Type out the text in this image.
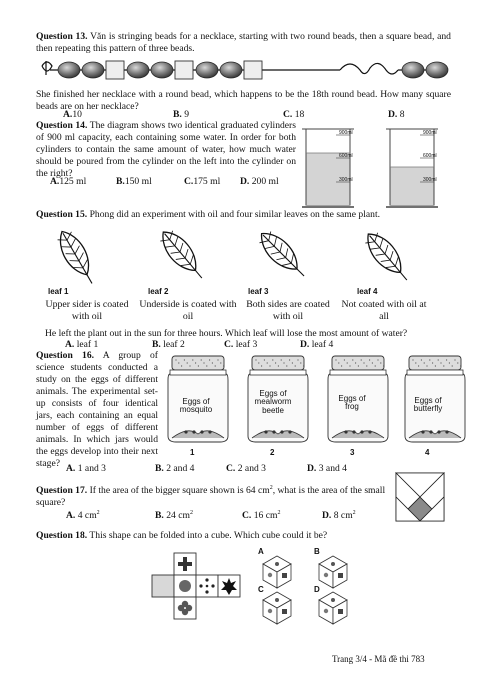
Question 13. Văn is stringing beads for a necklace, starting with two round beads, then a square bead, and then repeating this pattern of three beads.
She finished her necklace with a round bead, which happens to be the 18th round bead. How many square beads are on her necklace?
A.10	B. 9	C. 18	D. 8
Question 14. The diagram shows two identical graduated cylinders of 900 ml capacity, each containing some water. In order for both cylinders to contain the same amount of water, how much water should be poured from the cylinder on the left into the cylinder on the right?
A.125 ml	B.150 ml	C.175 ml	D. 200 ml
900ml
600ml
300ml
900ml
600ml
300ml
Question 15. Phong did an experiment with oil and four similar leaves on the same plant.
leaf 1	leaf 2	leaf 3	leaf 4
Upper sider is coated with oil
Underside is coated with oil
Both sides are coated with oil
Not coated with oil at all
He left the plant out in the sun for three hours. Which leaf will lose the most amount of water?
A. leaf 1	B. leaf 2	C. leaf 3	D. leaf 4
Question 16. A group of science students conducted a study on the eggs of different animals. The experimental set-up consists of four identical jars, each containing an equal number of eggs of different animals. In which jars would the eggs develop into their next stage?
Eggs of
mosquito
Eggs of
mealworm
beetle
Eggs of
frog
Eggs of
butterfly
1	2	3	4
A. 1 and 3	B. 2 and 4	C. 2 and 3	D. 3 and 4
Question 17. If the area of the bigger square shown is 64 $cm^2$, what is the area of the small square?
A. 4 $cm^2$	B. 24 $cm^2$	C. 16 $cm^2$	D. 8 $cm^2$
Question 18. This shape can be folded into a cube. Which cube could it be?
A	B
C	D
Trang 3/4 - Mã đề thi 783
